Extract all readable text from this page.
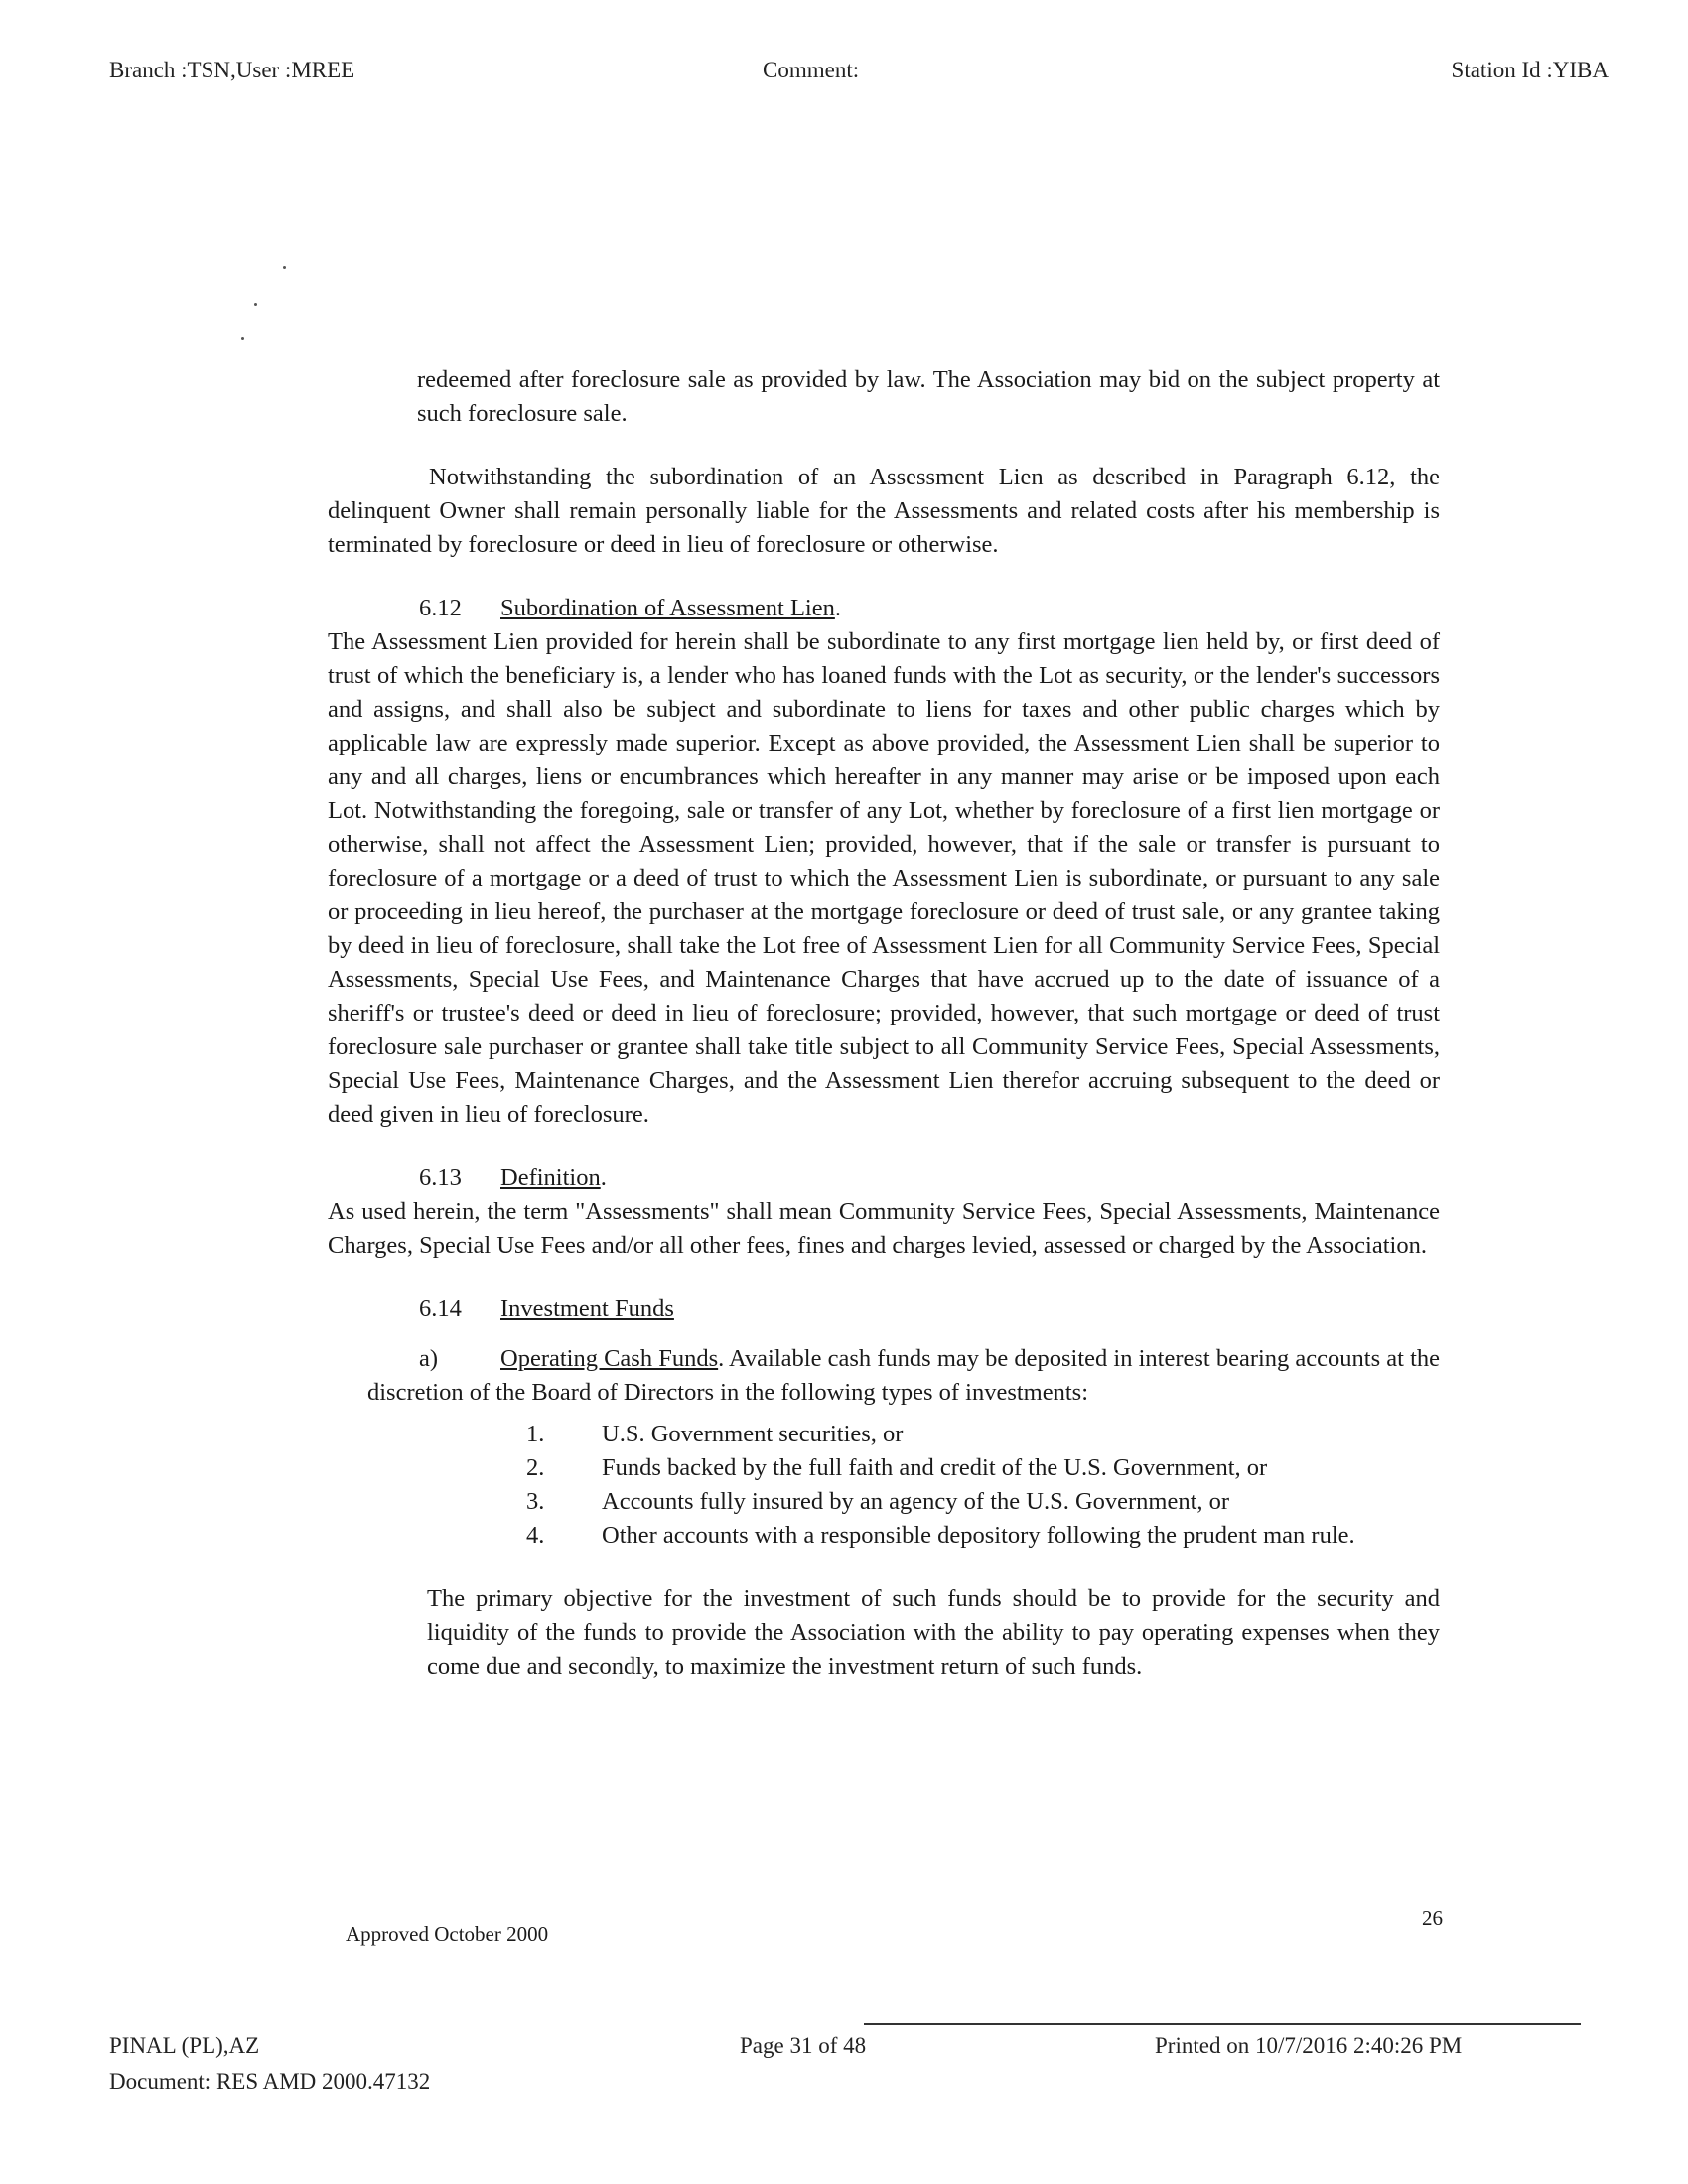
Branch :TSN,User :MREE	Comment:	Station Id :YIBA

redeemed after foreclosure sale as provided by law. The Association may bid on the subject property at such foreclosure sale.

Notwithstanding the subordination of an Assessment Lien as described in Paragraph 6.12, the delinquent Owner shall remain personally liable for the Assessments and related costs after his membership is terminated by foreclosure or deed in lieu of foreclosure or otherwise.

6.12 Subordination of Assessment Lien.

The Assessment Lien provided for herein shall be subordinate to any first mortgage lien held by, or first deed of trust of which the beneficiary is, a lender who has loaned funds with the Lot as security, or the lender's successors and assigns, and shall also be subject and subordinate to liens for taxes and other public charges which by applicable law are expressly made superior. Except as above provided, the Assessment Lien shall be superior to any and all charges, liens or encumbrances which hereafter in any manner may arise or be imposed upon each Lot. Notwithstanding the foregoing, sale or transfer of any Lot, whether by foreclosure of a first lien mortgage or otherwise, shall not affect the Assessment Lien; provided, however, that if the sale or transfer is pursuant to foreclosure of a mortgage or a deed of trust to which the Assessment Lien is subordinate, or pursuant to any sale or proceeding in lieu hereof, the purchaser at the mortgage foreclosure or deed of trust sale, or any grantee taking by deed in lieu of foreclosure, shall take the Lot free of Assessment Lien for all Community Service Fees, Special Assessments, Special Use Fees, and Maintenance Charges that have accrued up to the date of issuance of a sheriff's or trustee's deed or deed in lieu of foreclosure; provided, however, that such mortgage or deed of trust foreclosure sale purchaser or grantee shall take title subject to all Community Service Fees, Special Assessments, Special Use Fees, Maintenance Charges, and the Assessment Lien therefor accruing subsequent to the deed or deed given in lieu of foreclosure.

6.13 Definition.

As used herein, the term "Assessments" shall mean Community Service Fees, Special Assessments, Maintenance Charges, Special Use Fees and/or all other fees, fines and charges levied, assessed or charged by the Association.

6.14 Investment Funds

a)	Operating Cash Funds. Available cash funds may be deposited in interest bearing accounts at the discretion of the Board of Directors in the following types of investments:

1.	U.S. Government securities, or
2.	Funds backed by the full faith and credit of the U.S. Government, or
3.	Accounts fully insured by an agency of the U.S. Government, or
4.	Other accounts with a responsible depository following the prudent man rule.

The primary objective for the investment of such funds should be to provide for the security and liquidity of the funds to provide the Association with the ability to pay operating expenses when they come due and secondly, to maximize the investment return of such funds.

Approved October 2000
26
PINAL (PL),AZ
Document: RES AMD 2000.47132
Page 31 of 48	Printed on 10/7/2016 2:40:26 PM
